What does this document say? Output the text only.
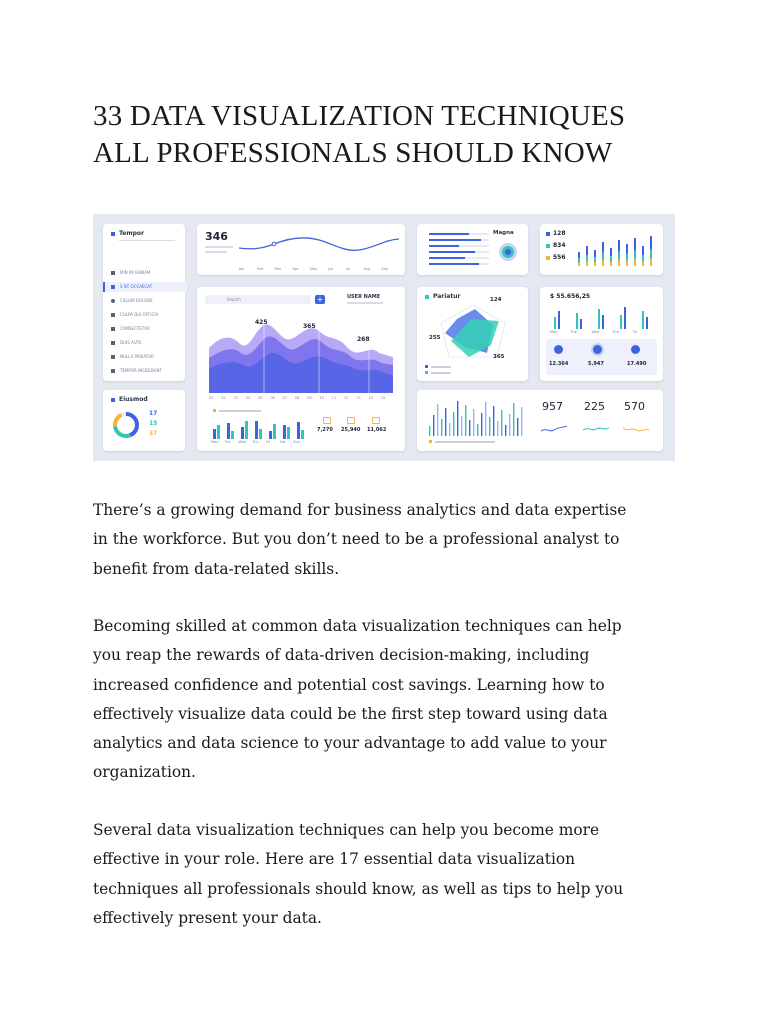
33 DATA VISUALIZATION TECHNIQUES
ALL PROFESSIONALS SHOULD KNOW
Tempor
MIN IM VENIAM
S NT OCCAECAT
CILLUM DOLORE
CULPA QUI OFFICIA
CONSECTETUR
DUIS AUTE
NULLA PARIATUR
TEMPOR INCIDIDUNT
Eiusmod
17
15
37
346
Jan	Feb	Mar	Apr	May	Jun	Jul	Aug	Sep
Search	+	USER NAME
425
365
268
01 02 03 04 05 06 07 08 09 10 11 12 13 14 15
Mon Tue Wed Thu Fri	Sat Sun
7,270 25,940 11,062
Magna
Pariatur	124
255
365
957 225 570
128
834
556
$ 55.656,25
Mon	Tue	Wed	Thu	Fri
12.364	5.947	17.490

There’s a growing demand for business analytics and data expertise
in the workforce. But you don’t need to be a professional analyst to
benefit from data-related skills.

Becoming skilled at common data visualization techniques can help
you reap the rewards of data-driven decision-making, including
increased confidence and potential cost savings. Learning how to
effectively visualize data could be the first step toward using data
analytics and data science to your advantage to add value to your
organization.

Several data visualization techniques can help you become more
effective in your role. Here are 17 essential data visualization
techniques all professionals should know, as well as tips to help you
effectively present your data.
